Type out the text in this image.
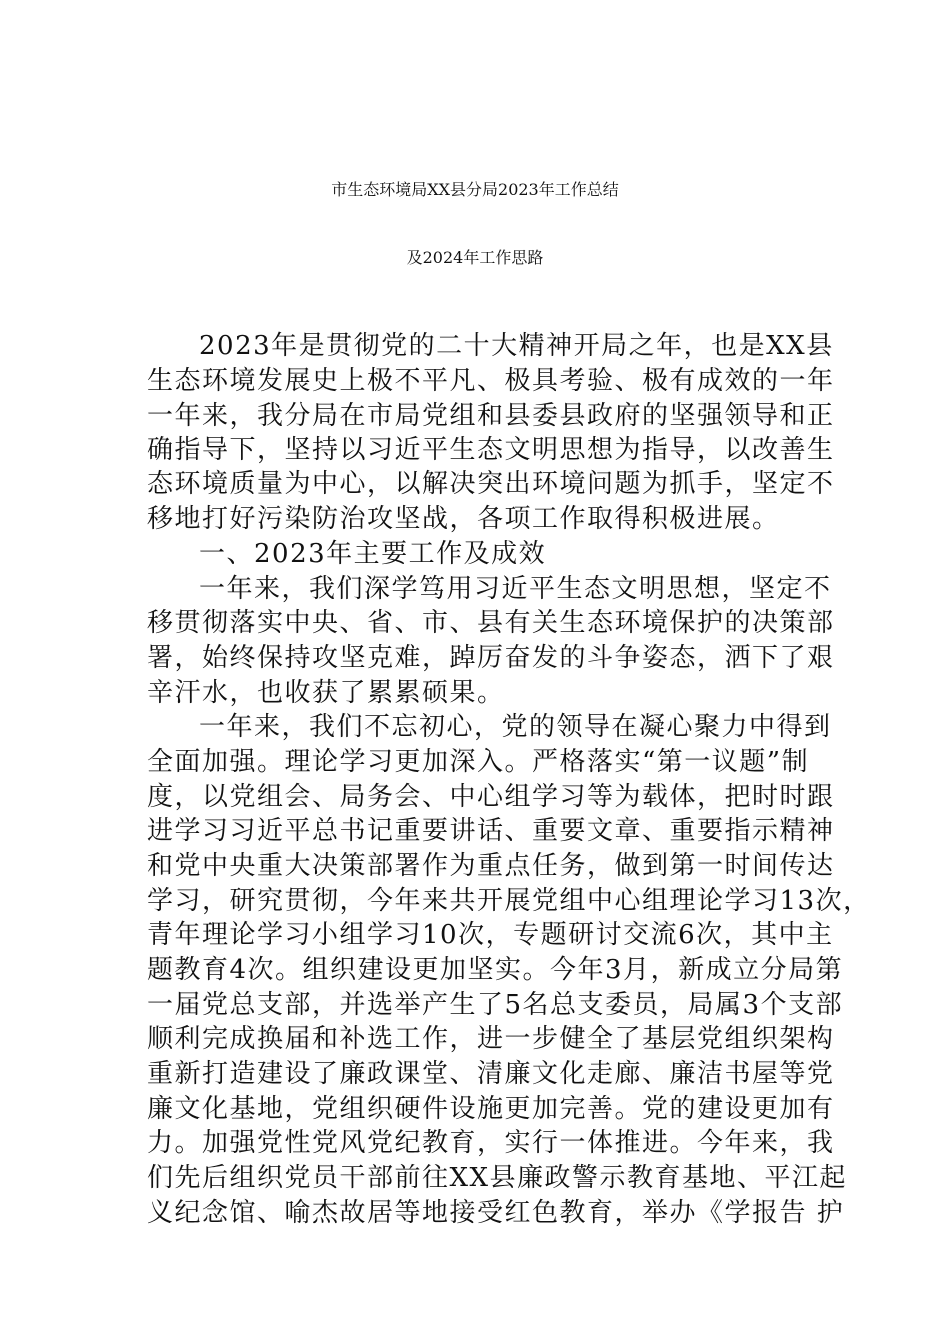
市生态环境局XX县分局2023年工作总结
及2024年工作思路
2023年是贯彻党的二十大精神开局之年，也是XX县
生态环境发展史上极不平凡、极具考验、极有成效的一年
一年来，我分局在市局党组和县委县政府的坚强领导和正
确指导下，坚持以习近平生态文明思想为指导，以改善生
态环境质量为中心，以解决突出环境问题为抓手，坚定不
移地打好污染防治攻坚战，各项工作取得积极进展。
一、2023年主要工作及成效
一年来，我们深学笃用习近平生态文明思想，坚定不
移贯彻落实中央、省、市、县有关生态环境保护的决策部
署，始终保持攻坚克难，踔厉奋发的斗争姿态，洒下了艰
辛汗水，也收获了累累硕果。
一年来，我们不忘初心，党的领导在凝心聚力中得到
全面加强。理论学习更加深入。严格落实“第一议题”制
度，以党组会、局务会、中心组学习等为载体，把时时跟
进学习习近平总书记重要讲话、重要文章、重要指示精神
和党中央重大决策部署作为重点任务，做到第一时间传达
学习，研究贯彻，今年来共开展党组中心组理论学习13次，
青年理论学习小组学习10次，专题研讨交流6次，其中主
题教育4次。组织建设更加坚实。今年3月，新成立分局第
一届党总支部，并选举产生了5名总支委员，局属3个支部
顺利完成换届和补选工作，进一步健全了基层党组织架构
重新打造建设了廉政课堂、清廉文化走廊、廉洁书屋等党
廉文化基地，党组织硬件设施更加完善。党的建设更加有
力。加强党性党风党纪教育，实行一体推进。今年来，我
们先后组织党员干部前往XX县廉政警示教育基地、平江起
义纪念馆、喻杰故居等地接受红色教育，举办《学报告 护
